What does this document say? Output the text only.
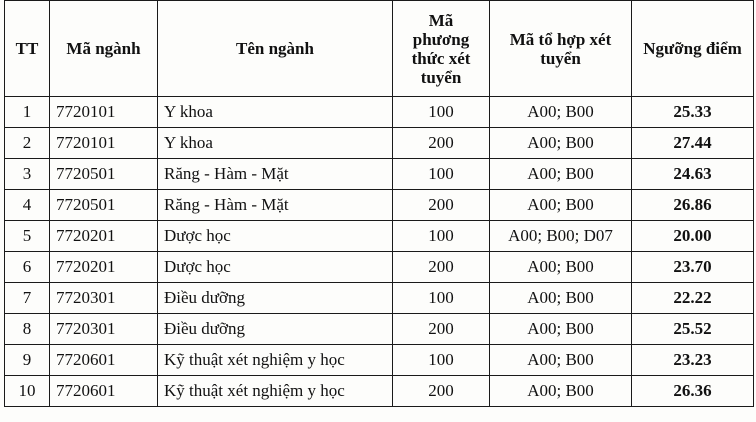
TT	Mã ngành	Tên ngành	Mã phương thức xét tuyển	Mã tổ hợp xét tuyển	Ngưỡng điểm
1	7720101	Y khoa	100	A00; B00	25.33
2	7720101	Y khoa	200	A00; B00	27.44
3	7720501	Răng - Hàm - Mặt	100	A00; B00	24.63
4	7720501	Răng - Hàm - Mặt	200	A00; B00	26.86
5	7720201	Dược học	100	A00; B00; D07	20.00
6	7720201	Dược học	200	A00; B00	23.70
7	7720301	Điều dưỡng	100	A00; B00	22.22
8	7720301	Điều dưỡng	200	A00; B00	25.52
9	7720601	Kỹ thuật xét nghiệm y học	100	A00; B00	23.23
10	7720601	Kỹ thuật xét nghiệm y học	200	A00; B00	26.36
